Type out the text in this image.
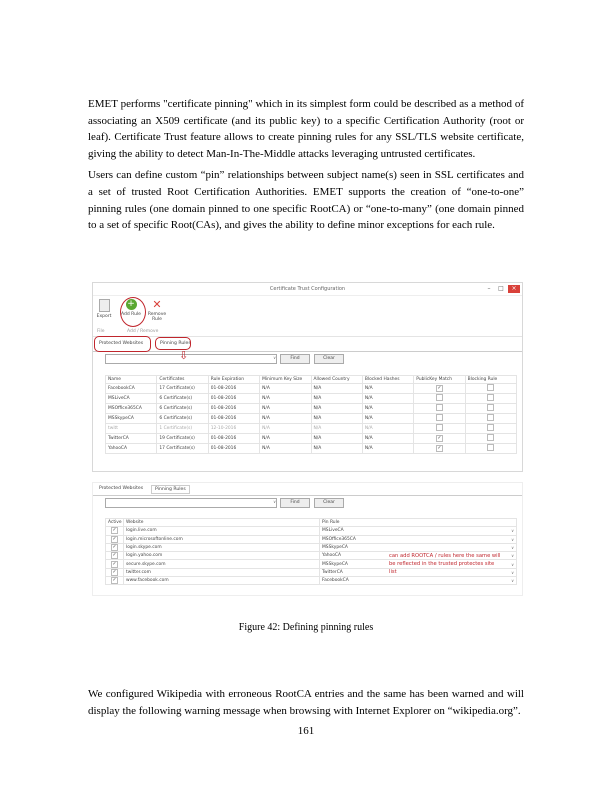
EMET performs "certificate pinning" which in its simplest form could be described as a method of associating an X509 certificate (and its public key) to a specific Certification Authority (root or leaf). Certificate Trust feature allows to create pinning rules for any SSL/TLS website certificate, giving the ability to detect Man-In-The-Middle attacks leveraging untrusted certificates.

Users can define custom “pin” relationships between subject name(s) seen in SSL certificates and a set of trusted Root Certification Authorities. EMET supports the creation of “one-to-one” pinning rules (one domain pinned to one specific RootCA) or “one-to-many” (one domain pinned to a set of specific Root(CAs), and gives the ability to define minor exceptions for each rule.

Certificate Trust Configuration	–	□	×
Export
+
Add Rule
✕
Remove Rule
File	Add / Remove
Protected Websites	Pinning Rules
∨	Find	Clear
⇩
Name	Certificates	Rule Expiration	Minimum Key Size	Allowed Country	Blocked Hashes	PublicKey Match	Blocking Rule
FacebookCA	17 Certificate(s)	01-08-2016	N/A	N/A	N/A	✓	
MSLiveCA	6 Certificate(s)	01-08-2016	N/A	N/A	N/A		
MSOffice365CA	6 Certificate(s)	01-08-2016	N/A	N/A	N/A		
MSSkypeCA	6 Certificate(s)	01-08-2016	N/A	N/A	N/A		
twitt	1 Certificate(s)	12-10-2016	N/A	N/A	N/A		
TwitterCA	19 Certificate(s)	01-08-2016	N/A	N/A	N/A	✓	
YahooCA	17 Certificate(s)	01-08-2016	N/A	N/A	N/A	✓	
Protected Websites	Pinning Rules
∨	Find	Clear
Active	Website	Pin Rule
✓	login.live.com	MSLiveCA ∨

✓	login.microsoftonline.com	MSOffice365CA ∨

✓	login.skype.com	MSSkypeCA ∨

✓	login.yahoo.com	YahooCA ∨

✓	secure.skype.com	MSSkypeCA ∨

✓	twitter.com	TwitterCA ∨

✓	www.facebook.com	FacebookCA ∨
can add ROOTCA / rules here the same will be reflected in the trusted protectes site list
Figure 42: Defining pinning rules

We configured Wikipedia with erroneous RootCA entries and the same has been warned and will display the following warning message when browsing with Internet Explorer on “wikipedia.org”.

161
